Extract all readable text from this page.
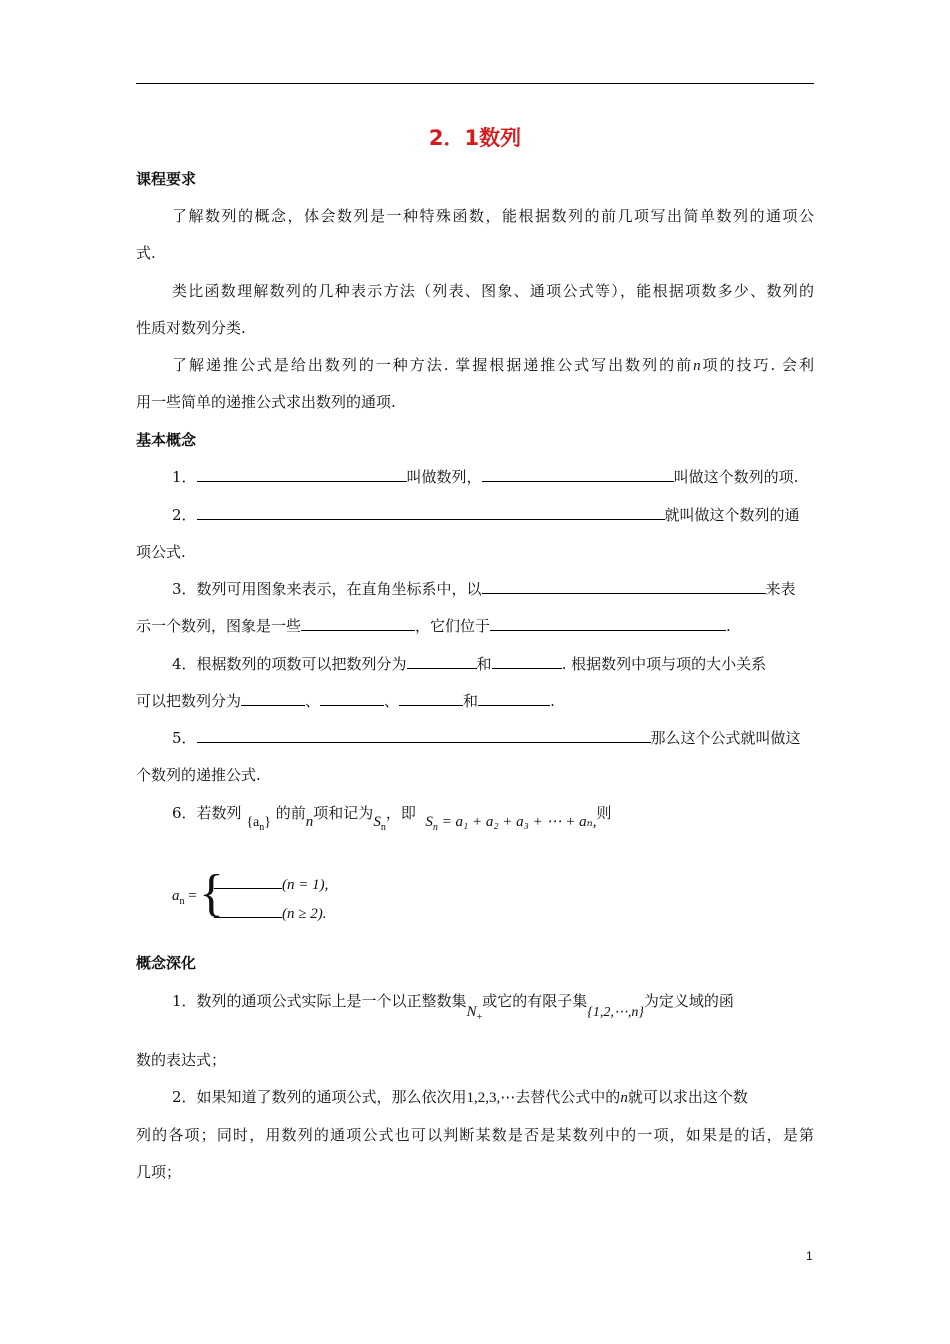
2．1数列
课程要求
了解数列的概念，体会数列是一种特殊函数，能根据数列的前几项写出简单数列的通项公
式.
类比函数理解数列的几种表示方法（列表、图象、通项公式等），能根据项数多少、数列的
性质对数列分类.
了解递推公式是给出数列的一种方法. 掌握根据递推公式写出数列的前n项的技巧. 会利
用一些简单的递推公式求出数列的通项.
基本概念
1．	叫做数列，	叫做这个数列的项.
2．	就叫做这个数列的通
项公式.
3．数列可用图象来表示，在直角坐标系中，以	来表
示一个数列，图象是一些	，它们位于	.
4．根椐数列的项数可以把数列分为	和	. 根据数列中项与项的大小关系
可以把数列分为	、	、	和	.
5．	那么这个公式就叫做这
个数列的递推公式.
6．若数列 $\{a_n\}$ 的前n项和记为$S_n$，即 $S_n = a_1 + a_2 + a_3$ + ⋯ + aₙ,则
$a_n$ = {	(n = 1),
(n ≥ 2).
概念深化
1．数列的通项公式实际上是一个以正整数集$N_+$或它的有限子集{1,2,⋯,n}为定义域的函
数的表达式；
2．如果知道了数列的通项公式，那么依次用1,2,3,⋯去替代公式中的n就可以求出这个数
列的各项；同时，用数列的通项公式也可以判断某数是否是某数列中的一项，如果是的话，是第
几项；
1
